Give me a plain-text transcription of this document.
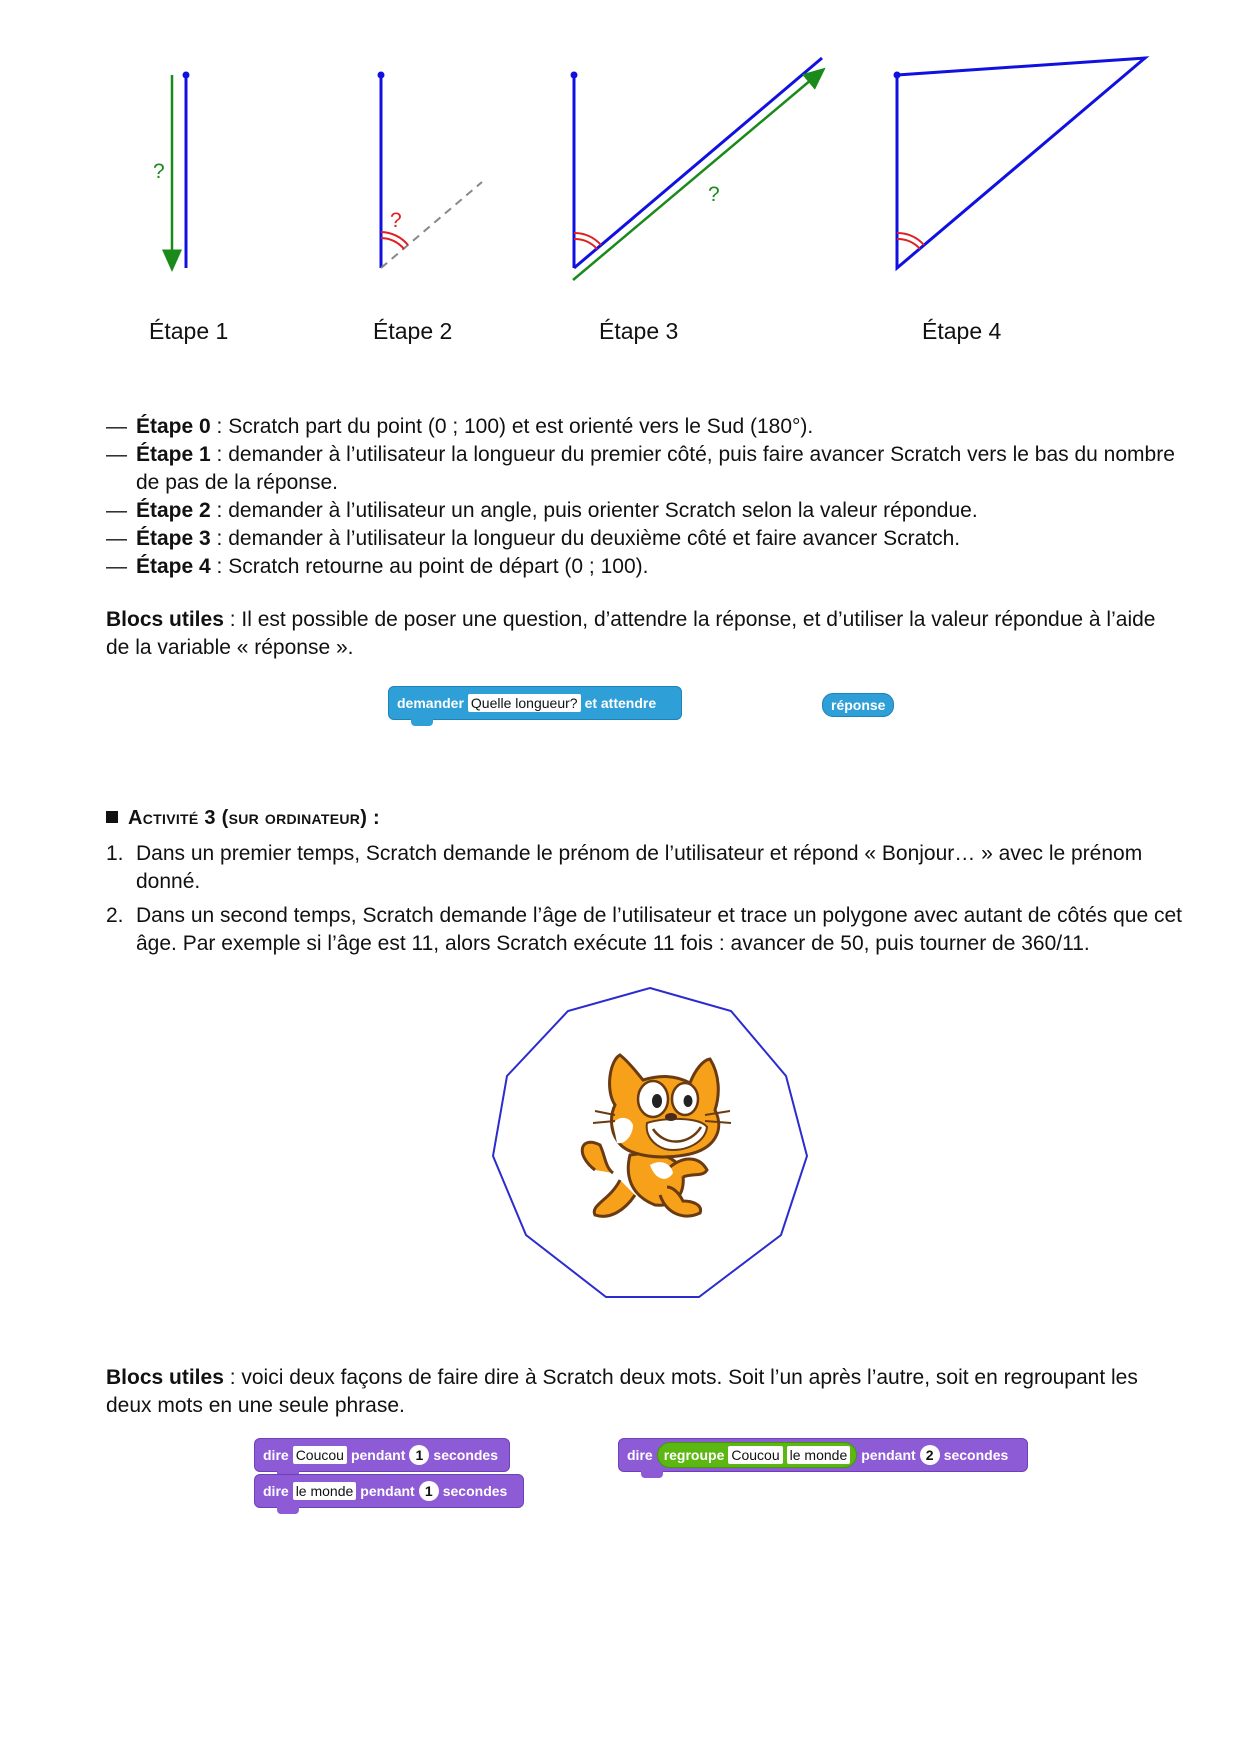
?
?
?
Étape 1	Étape 2	Étape 3	Étape 4
— Étape 0 : Scratch part du point (0 ; 100) et est orienté vers le Sud (180°).
— Étape 1 : demander à l’utilisateur la longueur du premier côté, puis faire avancer Scratch vers le bas du nombre de pas de la réponse.
— Étape 2 : demander à l’utilisateur un angle, puis orienter Scratch selon la valeur répondue.
— Étape 3 : demander à l’utilisateur la longueur du deuxième côté et faire avancer Scratch.
— Étape 4 : Scratch retourne au point de départ (0 ; 100).
Blocs utiles : Il est possible de poser une question, d’attendre la réponse, et d’utiliser la valeur répondue à l’aide de la variable « réponse ».
demander Quelle longueur? et attendre	réponse
Activité 3 (sur ordinateur) :
1. Dans un premier temps, Scratch demande le prénom de l’utilisateur et répond « Bonjour… » avec le prénom donné.
2. Dans un second temps, Scratch demande l’âge de l’utilisateur et trace un polygone avec autant de côtés que cet âge. Par exemple si l’âge est 11, alors Scratch exécute 11 fois : avancer de 50, puis tourner de 360/11.
Blocs utiles : voici deux façons de faire dire à Scratch deux mots. Soit l’un après l’autre, soit en regroupant les deux mots en une seule phrase.
dire Coucou pendant 1 secondes
dire le monde pendant 1 secondes
dire regroupe Coucou le monde pendant 2 secondes
